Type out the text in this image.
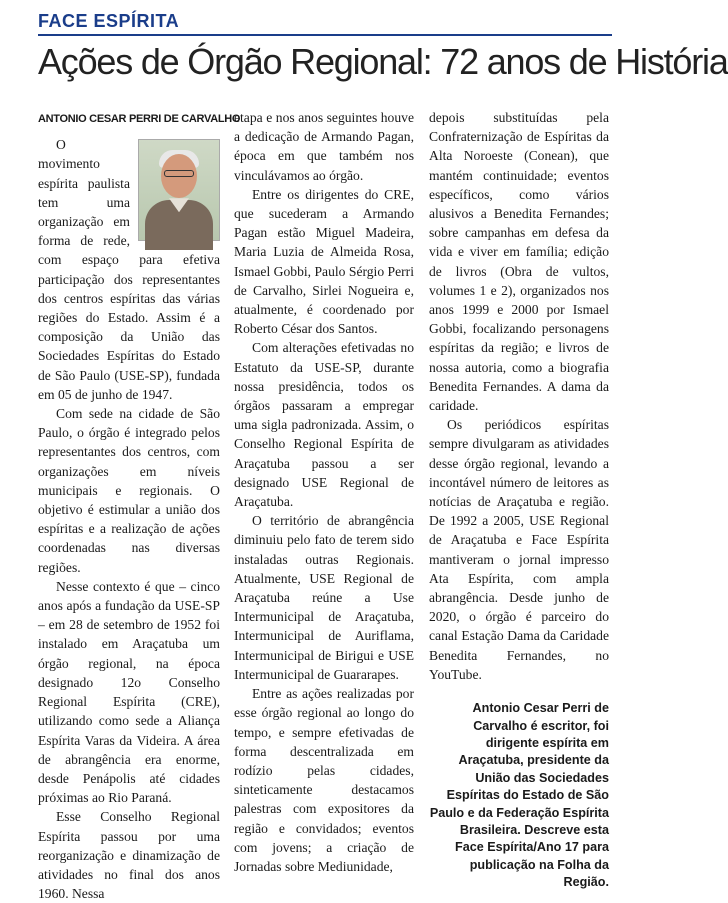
FACE ESPÍRITA
Ações de Órgão Regional: 72 anos de História
ANTONIO CESAR PERRI DE CARVALHO

O movimento espírita paulista tem uma organização em forma de rede, com espaço para efetiva participação dos representantes dos centros espíritas das várias regiões do Estado. Assim é a composição da União das Sociedades Espíritas do Estado de São Paulo (USE-SP), fundada em 05 de junho de 1947.

Com sede na cidade de São Paulo, o órgão é integrado pelos representantes dos centros, com organizações em níveis municipais e regionais. O objetivo é estimular a união dos espíritas e a realização de ações coordenadas nas diversas regiões.

Nesse contexto é que – cinco anos após a fundação da USE-SP – em 28 de setembro de 1952 foi instalado em Araçatuba um órgão regional, na época designado 12o Conselho Regional Espírita (CRE), utilizando como sede a Aliança Espírita Varas da Videira. A área de abrangência era enorme, desde Penápolis até cidades próximas ao Rio Paraná.

Esse Conselho Regional Espírita passou por uma reorganização e dinamização de atividades no final dos anos 1960. Nessa

etapa e nos anos seguintes houve a dedicação de Armando Pagan, época em que também nos vinculávamos ao órgão.

Entre os dirigentes do CRE, que sucederam a Armando Pagan estão Miguel Madeira, Maria Luzia de Almeida Rosa, Ismael Gobbi, Paulo Sérgio Perri de Carvalho, Sirlei Nogueira e, atualmente, é coordenado por Roberto César dos Santos.

Com alterações efetivadas no Estatuto da USE-SP, durante nossa presidência, todos os órgãos passaram a empregar uma sigla padronizada. Assim, o Conselho Regional Espírita de Araçatuba passou a ser designado USE Regional de Araçatuba.

O território de abrangência diminuiu pelo fato de terem sido instaladas outras Regionais. Atualmente, USE Regional de Araçatuba reúne a Use Intermunicipal de Araçatuba, Intermunicipal de Auriflama, Intermunicipal de Birigui e USE Intermunicipal de Guararapes.

Entre as ações realizadas por esse órgão regional ao longo do tempo, e sempre efetivadas de forma descentralizada em rodízio pelas cidades, sinteticamente destacamos palestras com expositores da região e convidados; eventos com jovens; a criação de Jornadas sobre Mediunidade,

depois substituídas pela Confraternização de Espíritas da Alta Noroeste (Conean), que mantém continuidade; eventos específicos, como vários alusivos a Benedita Fernandes; sobre campanhas em defesa da vida e viver em família; edição de livros (Obra de vultos, volumes 1 e 2), organizados nos anos 1999 e 2000 por Ismael Gobbi, focalizando personagens espíritas da região; e livros de nossa autoria, como a biografia Benedita Fernandes. A dama da caridade.

Os periódicos espíritas sempre divulgaram as atividades desse órgão regional, levando a incontável número de leitores as notícias de Araçatuba e região. De 1992 a 2005, USE Regional de Araçatuba e Face Espírita mantiveram o jornal impresso Ata Espírita, com ampla abrangência. Desde junho de 2020, o órgão é parceiro do canal Estação Dama da Caridade Benedita Fernandes, no YouTube.

Antonio Cesar Perri de Carvalho é escritor, foi dirigente espírita em Araçatuba, presidente da União das Sociedades Espíritas do Estado de São Paulo e da Federação Espírita Brasileira. Descreve esta Face Espírita/Ano 17 para publicação na Folha da Região.
